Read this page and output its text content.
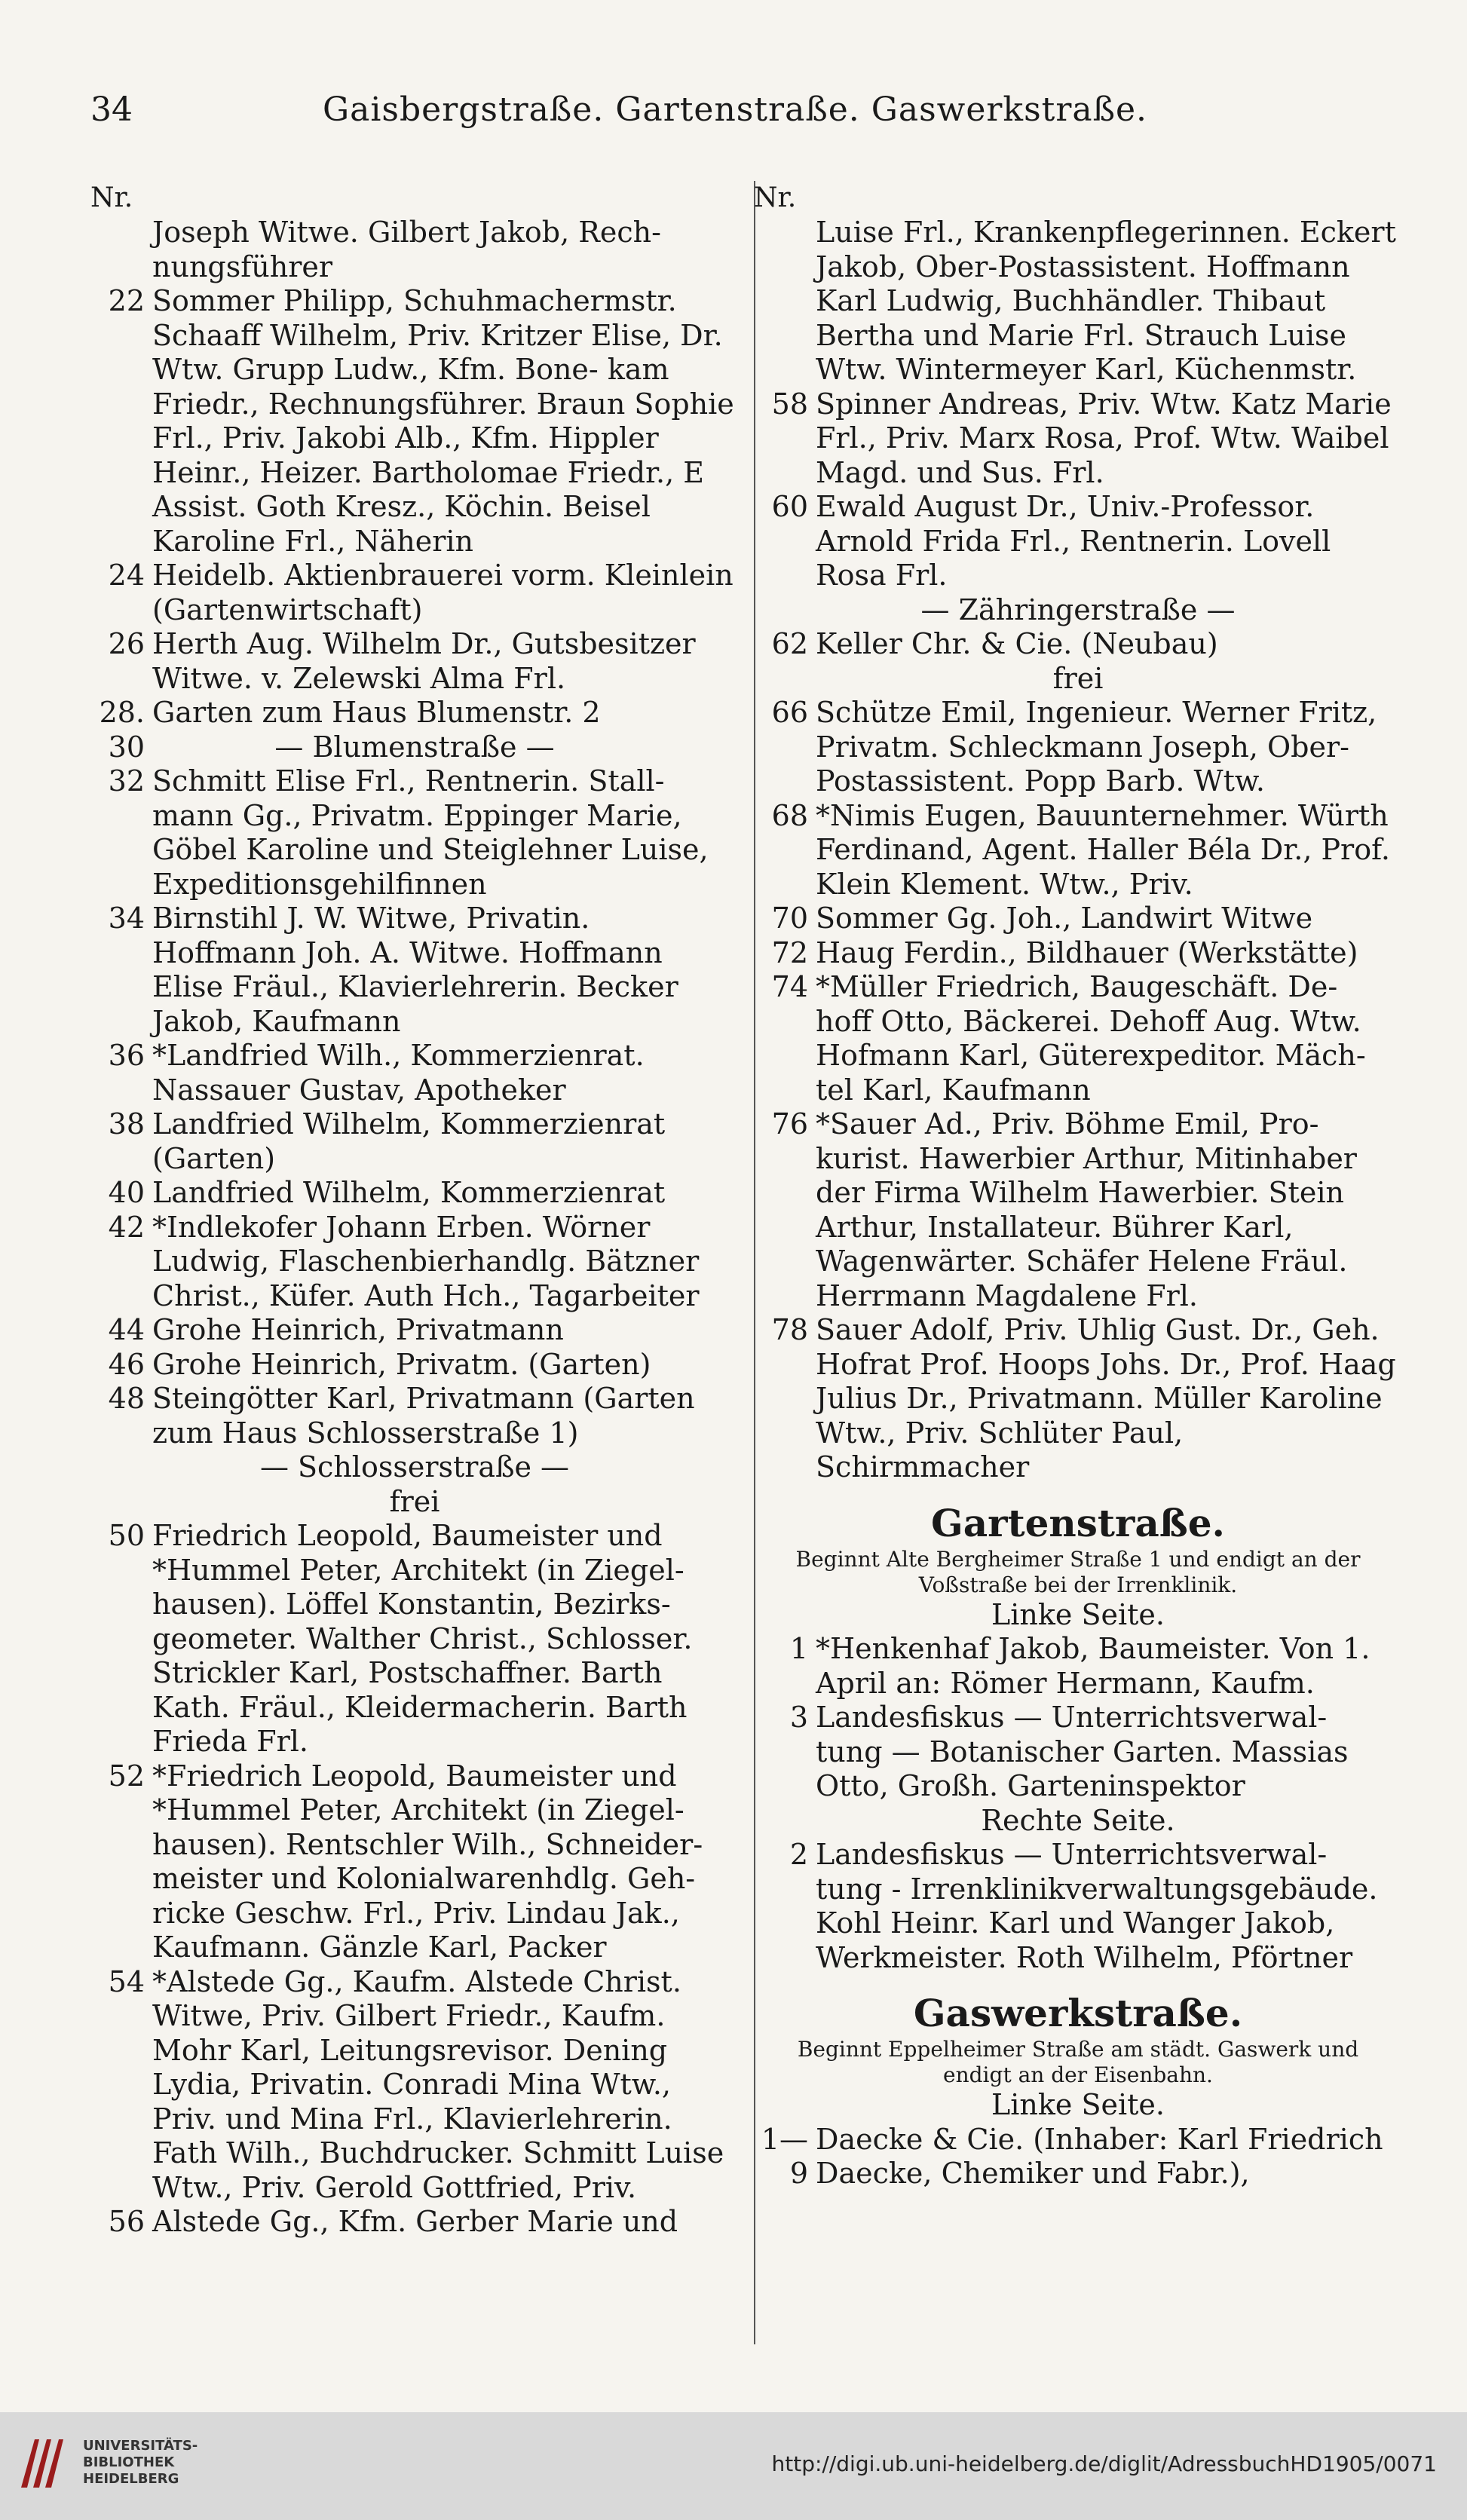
34	Gaisbergstraße. Gartenstraße. Gaswerkstraße.
Nr.
Joseph Witwe. Gilbert Jakob, Rech- nungsführer
22 Sommer Philipp, Schuhmachermstr. Schaaff Wilhelm, Priv. Kritzer Elise, Dr. Wtw. Grupp Ludw., Kfm. Bone- kam Friedr., Rechnungsführer. Braun Sophie Frl., Priv. Jakobi Alb., Kfm. Hippler Heinr., Heizer. Bartholomae Friedr., E Assist. Goth Kresz., Köchin. Beisel Karoline Frl., Näherin
24 Heidelb. Aktienbrauerei vorm. Kleinlein (Gartenwirtschaft)
26 Herth Aug. Wilhelm Dr., Gutsbesitzer Witwe. v. Zelewski Alma Frl.
28. 30
Garten zum Haus Blumenstr. 2
— Blumenstraße —
32 Schmitt Elise Frl., Rentnerin. Stall- mann Gg., Privatm. Eppinger Marie, Göbel Karoline und Steiglehner Luise, Expeditionsgehilfinnen
34 Birnstihl J. W. Witwe, Privatin. Hoffmann Joh. A. Witwe. Hoffmann Elise Fräul., Klavierlehrerin. Becker Jakob, Kaufmann
36 *Landfried Wilh., Kommerzienrat. Nassauer Gustav, Apotheker
38 Landfried Wilhelm, Kommerzienrat (Garten)
40 Landfried Wilhelm, Kommerzienrat
42 *Indlekofer Johann Erben. Wörner Ludwig, Flaschenbierhandlg. Bätzner Christ., Küfer. Auth Hch., Tagarbeiter
44 Grohe Heinrich, Privatmann
46 Grohe Heinrich, Privatm. (Garten)
48 Steingötter Karl, Privatmann (Garten zum Haus Schlosserstraße 1)
— Schlosserstraße —
frei
50 Friedrich Leopold, Baumeister und *Hummel Peter, Architekt (in Ziegel- hausen). Löffel Konstantin, Bezirks- geometer. Walther Christ., Schlosser. Strickler Karl, Postschaffner. Barth Kath. Fräul., Kleidermacherin. Barth Frieda Frl.
52 *Friedrich Leopold, Baumeister und *Hummel Peter, Architekt (in Ziegel- hausen). Rentschler Wilh., Schneider- meister und Kolonialwarenhdlg. Geh- ricke Geschw. Frl., Priv. Lindau Jak., Kaufmann. Gänzle Karl, Packer
54 *Alstede Gg., Kaufm. Alstede Christ. Witwe, Priv. Gilbert Friedr., Kaufm. Mohr Karl, Leitungsrevisor. Dening Lydia, Privatin. Conradi Mina Wtw., Priv. und Mina Frl., Klavierlehrerin. Fath Wilh., Buchdrucker. Schmitt Luise Wtw., Priv. Gerold Gottfried, Priv.
56 Alstede Gg., Kfm. Gerber Marie und
Nr.
Luise Frl., Krankenpflegerinnen. Eckert Jakob, Ober-Postassistent. Hoffmann Karl Ludwig, Buchhändler. Thibaut Bertha und Marie Frl. Strauch Luise Wtw. Wintermeyer Karl, Küchenmstr.
58 Spinner Andreas, Priv. Wtw. Katz Marie Frl., Priv. Marx Rosa, Prof. Wtw. Waibel Magd. und Sus. Frl.
60 Ewald August Dr., Univ.-Professor. Arnold Frida Frl., Rentnerin. Lovell Rosa Frl.
— Zähringerstraße —
62 Keller Chr. & Cie. (Neubau)
frei
66 Schütze Emil, Ingenieur. Werner Fritz, Privatm. Schleckmann Joseph, Ober-Postassistent. Popp Barb. Wtw.
68 *Nimis Eugen, Bauunternehmer. Würth Ferdinand, Agent. Haller Béla Dr., Prof. Klein Klement. Wtw., Priv.
70 Sommer Gg. Joh., Landwirt Witwe
72 Haug Ferdin., Bildhauer (Werkstätte)
74 *Müller Friedrich, Baugeschäft. De- hoff Otto, Bäckerei. Dehoff Aug. Wtw. Hofmann Karl, Güterexpeditor. Mäch- tel Karl, Kaufmann
76 *Sauer Ad., Priv. Böhme Emil, Pro- kurist. Hawerbier Arthur, Mitinhaber der Firma Wilhelm Hawerbier. Stein Arthur, Installateur. Bührer Karl, Wagenwärter. Schäfer Helene Fräul. Herrmann Magdalene Frl.
78 Sauer Adolf, Priv. Uhlig Gust. Dr., Geh. Hofrat Prof. Hoops Johs. Dr., Prof. Haag Julius Dr., Privatmann. Müller Karoline Wtw., Priv. Schlüter Paul, Schirmmacher
Gartenstraße.
Beginnt Alte Bergheimer Straße 1 und endigt an der Voßstraße bei der Irrenklinik.
Linke Seite.
1 *Henkenhaf Jakob, Baumeister. Von 1. April an: Römer Hermann, Kaufm.
3 Landesfiskus — Unterrichtsverwal- tung — Botanischer Garten. Massias Otto, Großh. Garteninspektor
Rechte Seite.
2 Landesfiskus — Unterrichtsverwal- tung - Irrenklinikverwaltungsgebäude. Kohl Heinr. Karl und Wanger Jakob, Werkmeister. Roth Wilhelm, Pförtner
Gaswerkstraße.
Beginnt Eppelheimer Straße am städt. Gaswerk und endigt an der Eisenbahn.
Linke Seite.
1—9
Daecke & Cie. (Inhaber: Karl Friedrich Daecke, Chemiker und Fabr.),
UNIVERSITÄTS-
BIBLIOTHEK
HEIDELBERG
http://digi.ub.uni-heidelberg.de/diglit/AdressbuchHD1905/0071
